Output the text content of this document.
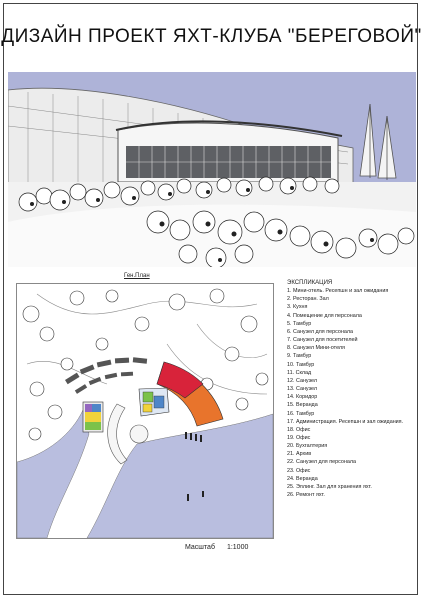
ДИЗАЙН ПРОЕКТ ЯХТ-КЛУБА "БЕРЕГОВОЙ"
Ген.План
Масштаб 1:1000
ЭКСПЛИКАЦИЯ
1. Мини-отель. Ресепшн и зал ожидания
2. Ресторан. Зал
3. Кухня
4. Помещение для персонала
5. Тамбур
6. Санузел для персонала
7. Санузел для посетителей
8. Санузел Мини-отеля
9. Тамбур
10. Тамбур
11. Склад
12. Санузел
13. Санузел
14. Коридор
15. Веранда
16. Тамбур
17. Администрация. Ресепшн и зал ожидания.
18. Офис
19. Офис
20. Бухгалтерия
21. Архив
22. Санузел для персонала
23. Офис
24. Веранда
25. Эллинг. Зал для хранения яхт.
26. Ремонт яхт.
